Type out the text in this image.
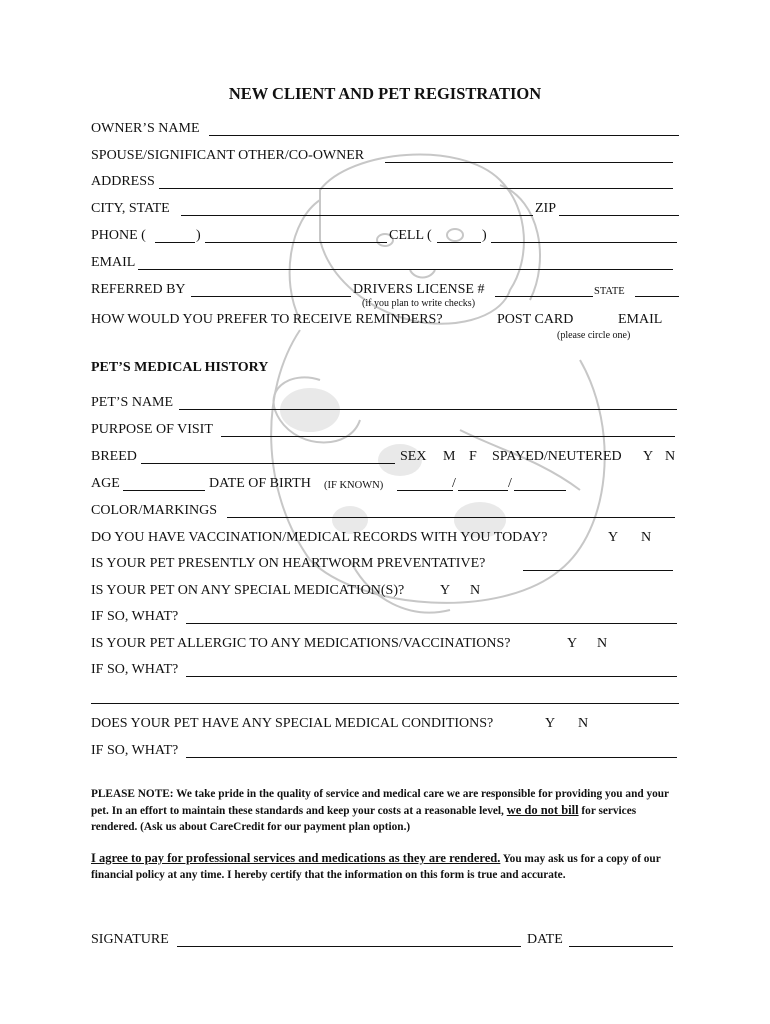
NEW CLIENT AND PET REGISTRATION
OWNER’S NAME
SPOUSE/SIGNIFICANT OTHER/CO-OWNER
ADDRESS
CITY, STATE	ZIP
PHONE (	)	CELL (	)
EMAIL
REFERRED BY	DRIVERS LICENSE #	STATE
(if you plan to write checks)
HOW WOULD YOU PREFER TO RECEIVE REMINDERS?	POST CARD	EMAIL
(please circle one)
PET’S MEDICAL HISTORY
PET’S NAME
PURPOSE OF VISIT
BREED	SEX M F SPAYED/NEUTERED Y N
AGE	DATE OF BIRTH (IF KNOWN)	/	/
COLOR/MARKINGS
DO YOU HAVE VACCINATION/MEDICAL RECORDS WITH YOU TODAY?	Y N
IS YOUR PET PRESENTLY ON HEARTWORM PREVENTATIVE?
IS YOUR PET ON ANY SPECIAL MEDICATION(S)?	Y N
IF SO, WHAT?
IS YOUR PET ALLERGIC TO ANY MEDICATIONS/VACCINATIONS?	Y N
IF SO, WHAT?
DOES YOUR PET HAVE ANY SPECIAL MEDICAL CONDITIONS?	Y N
IF SO, WHAT?
PLEASE NOTE: We take pride in the quality of service and medical care we are responsible for providing you and your pet. In an effort to maintain these standards and keep your costs at a reasonable level, we do not bill for services rendered. (Ask us about CareCredit for our payment plan option.)
I agree to pay for professional services and medications as they are rendered. You may ask us for a copy of our financial policy at any time. I hereby certify that the information on this form is true and accurate.
SIGNATURE	DATE
